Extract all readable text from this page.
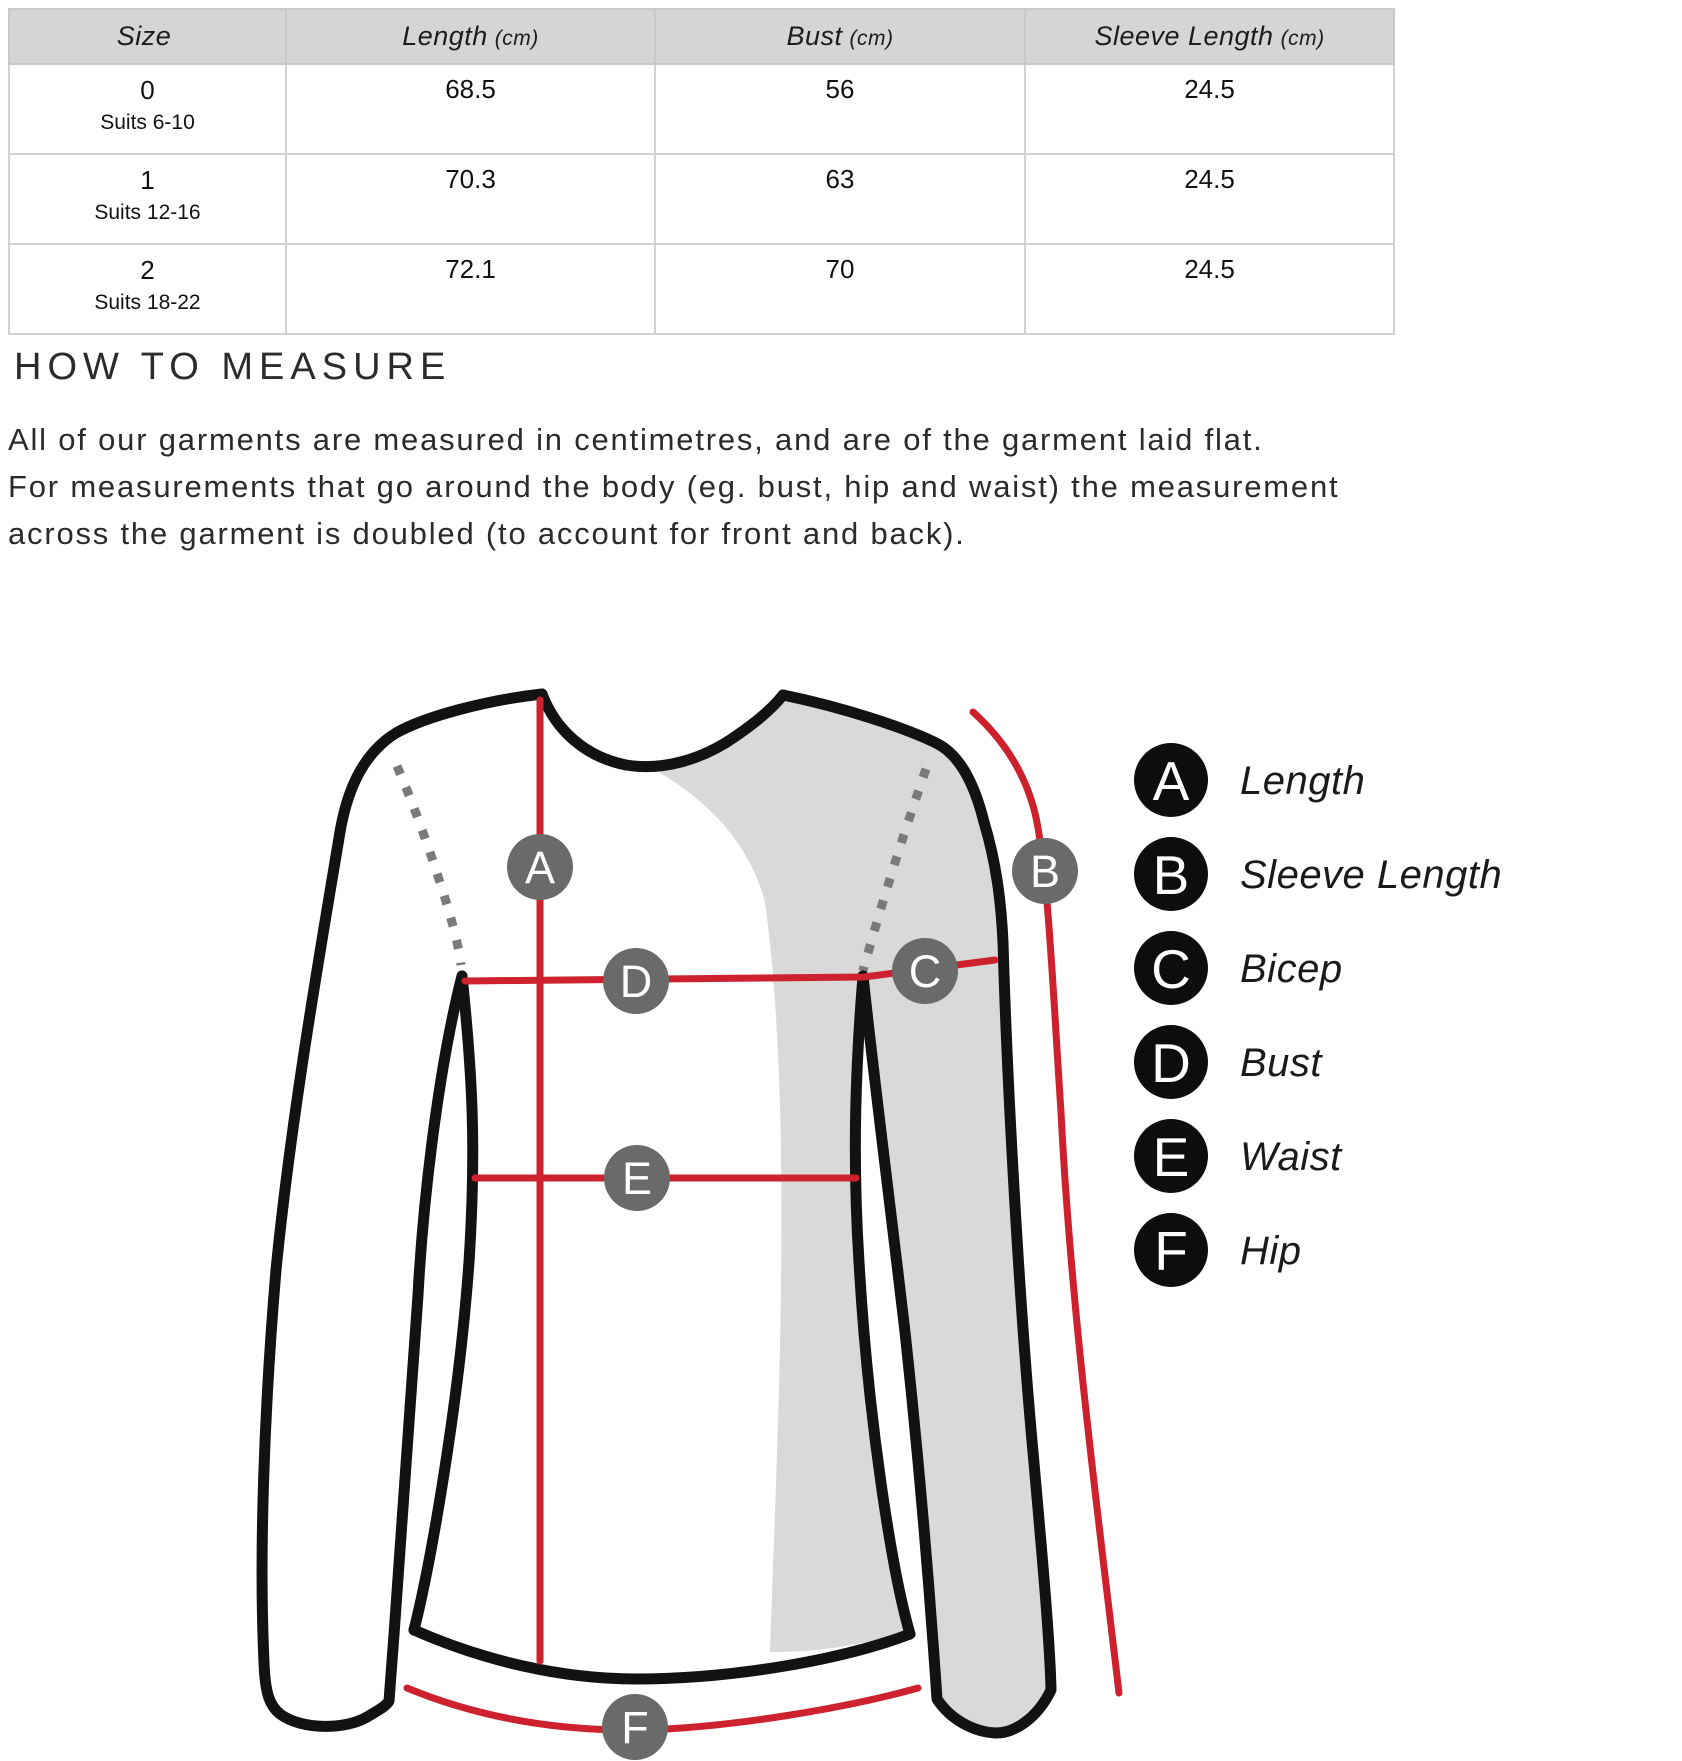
Size	Length (cm)	Bust (cm)	Sleeve Length (cm)

0
Suits 6-10	68.5	56	24.5

1
Suits 12-16	70.3	63	24.5

2
Suits 18-22	72.1	70	24.5
HOW TO MEASURE
All of our garments are measured in centimetres, and are of the garment laid flat.
For measurements that go around the body (eg. bust, hip and waist) the measurement
across the garment is doubled (to account for front and back).
A	B
C
D
E
F
A Length
B Sleeve Length
C Bicep
D Bust
E Waist
F Hip
